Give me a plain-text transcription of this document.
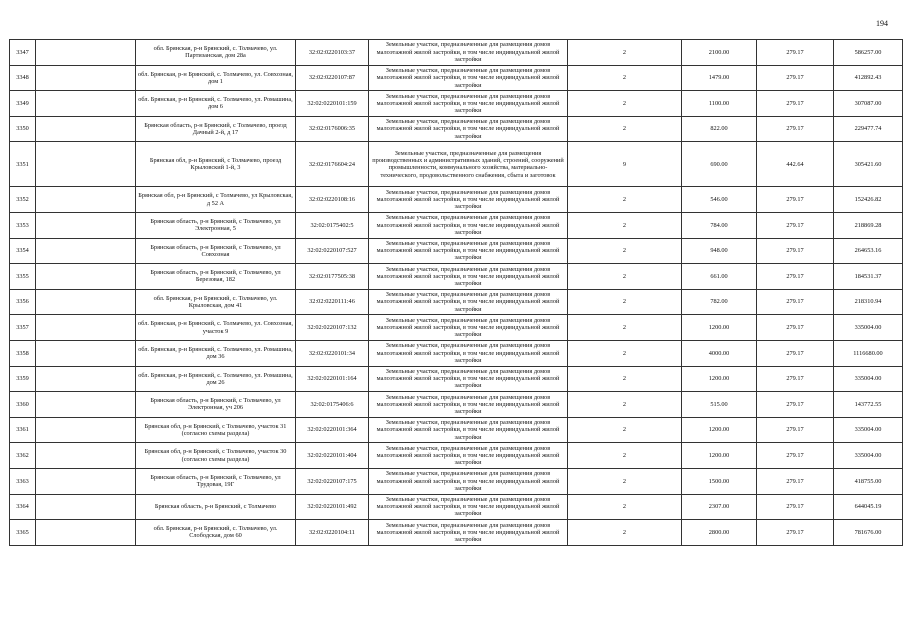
194
3347		обл. Брянская, р-н Брянский, с. Толмачево, ул. Партизанская, дом 28а	32:02:0220103:37	Земельные участки, предназначенные для размещения домов малоэтажной жилой застройки, в том числе индивидуальной жилой застройки	2	2100.00	279.17	586257.00
3348		обл. Брянская, р-н Брянский, с. Толмачево, ул. Совхозная, дом 1	32:02:0220107:87	Земельные участки, предназначенные для размещения домов малоэтажной жилой застройки, в том числе индивидуальной жилой застройки	2	1479.00	279.17	412892.43
3349		обл. Брянская, р-н Брянский, с. Толмачево, ул. Ромашина, дом 6	32:02:0220101:159	Земельные участки, предназначенные для размещения домов малоэтажной жилой застройки, в том числе индивидуальной жилой застройки	2	1100.00	279.17	307087.00
3350		Брянская область, р-н Брянский, с Толмачево, проезд Дачный 2-й, д 17	32:02:0176006:35	Земельные участки, предназначенные для размещения домов малоэтажной жилой застройки, в том числе индивидуальной жилой застройки	2	822.00	279.17	229477.74
3351		Брянская обл, р-н Брянский, с Толмачево, проезд Крыловский 1-й, 3	32:02:0176604:24	Земельные участки, предназначенные для размещения производственных и административных зданий, строений, сооружений промышленности, коммунального хозяйства, материально-технического, продовольственного снабжения, сбыта и заготовок	9	690.00	442.64	305421.60
3352		Брянская обл, р-н Брянский, с Толмачево, ул Крыловская, д 52 А	32:02:0220108:16	Земельные участки, предназначенные для размещения домов малоэтажной жилой застройки, в том числе индивидуальной жилой застройки	2	546.00	279.17	152426.82
3353		Брянская область, р-н Брянский, с Толмачево, ул Электронная, 5	32:02:0175402:5	Земельные участки, предназначенные для размещения домов малоэтажной жилой застройки, в том числе индивидуальной жилой застройки	2	784.00	279.17	218869.28
3354		Брянская область, р-н Брянский, с Толмачево, ул Совхозная	32:02:0220107:527	Земельные участки, предназначенные для размещения домов малоэтажной жилой застройки, в том числе индивидуальной жилой застройки	2	948.00	279.17	264653.16
3355		Брянская область, р-н Брянский, с Толмачево, ул Березовая, 182	32:02:0177505:38	Земельные участки, предназначенные для размещения домов малоэтажной жилой застройки, в том числе индивидуальной жилой застройки	2	661.00	279.17	184531.37
3356		обл. Брянская, р-н Брянский, с. Толмачево, ул. Крыловская, дом 41	32:02:0220111:46	Земельные участки, предназначенные для размещения домов малоэтажной жилой застройки, в том числе индивидуальной жилой застройки	2	782.00	279.17	218310.94
3357		обл. Брянская, р-н Брянский, с. Толмачево, ул. Совхозная, участок 9	32:02:0220107:132	Земельные участки, предназначенные для размещения домов малоэтажной жилой застройки, в том числе индивидуальной жилой застройки	2	1200.00	279.17	335004.00
3358		обл. Брянская, р-н Брянский, с. Толмачево, ул. Ромашина, дом 36	32:02:0220101:34	Земельные участки, предназначенные для размещения домов малоэтажной жилой застройки, в том числе индивидуальной жилой застройки	2	4000.00	279.17	1116680.00
3359		обл. Брянская, р-н Брянский, с. Толмачево, ул. Ромашина, дом 26	32:02:0220101:164	Земельные участки, предназначенные для размещения домов малоэтажной жилой застройки, в том числе индивидуальной жилой застройки	2	1200.00	279.17	335004.00
3360		Брянская область, р-н Брянский, с Толмачево, ул Электронная, уч 206	32:02:0175406:6	Земельные участки, предназначенные для размещения домов малоэтажной жилой застройки, в том числе индивидуальной жилой застройки	2	515.00	279.17	143772.55
3361		Брянская обл, р-н Брянский, с Толмачево, участок 31 (согласно схемы раздела)	32:02:0220101:364	Земельные участки, предназначенные для размещения домов малоэтажной жилой застройки, в том числе индивидуальной жилой застройки	2	1200.00	279.17	335004.00
3362		Брянская обл, р-н Брянский, с Толмачево, участок 30 (согласно схемы раздела)	32:02:0220101:404	Земельные участки, предназначенные для размещения домов малоэтажной жилой застройки, в том числе индивидуальной жилой застройки	2	1200.00	279.17	335004.00
3363		Брянская область, р-н Брянский, с Толмачево, ул Трудовая, 19Г	32:02:0220107:175	Земельные участки, предназначенные для размещения домов малоэтажной жилой застройки, в том числе индивидуальной жилой застройки	2	1500.00	279.17	418755.00
3364		Брянская область, р-н Брянский, с Толмачево	32:02:0220101:492	Земельные участки, предназначенные для размещения домов малоэтажной жилой застройки, в том числе индивидуальной жилой застройки	2	2307.00	279.17	644045.19
3365		обл. Брянская, р-н Брянский, с. Толмачево, ул. Слободская, дом 60	32:02:0220104:11	Земельные участки, предназначенные для размещения домов малоэтажной жилой застройки, в том числе индивидуальной жилой застройки	2	2800.00	279.17	781676.00
